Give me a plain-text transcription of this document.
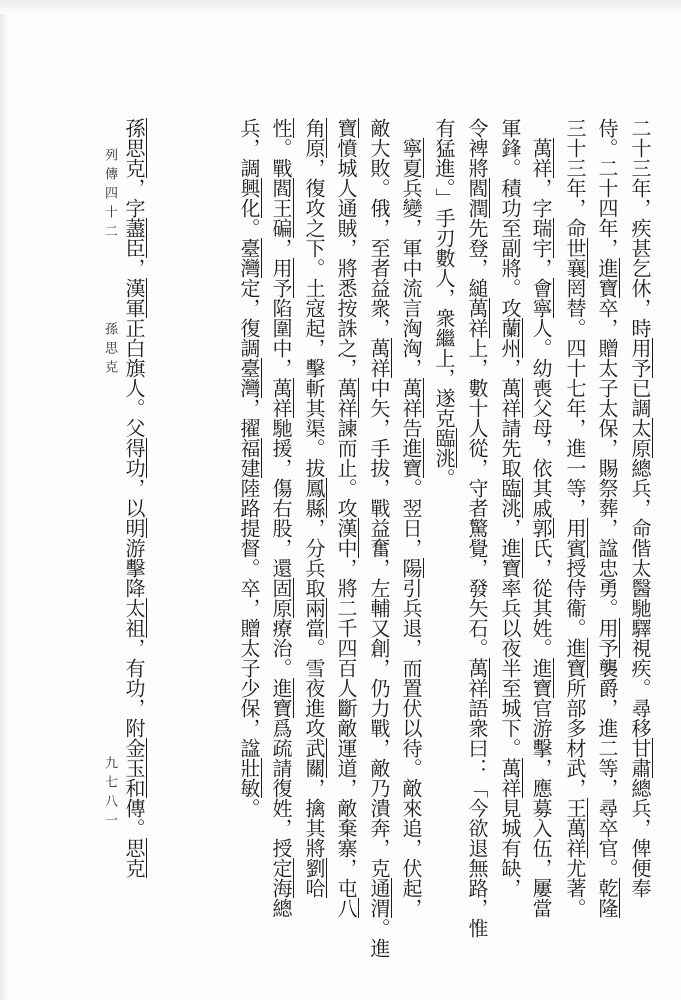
列傳四十二
孫思克
九七八一
二十三年，疾甚乞休，時用予已調太原總兵，命偕太醫馳驛視疾。尋移甘肅總兵，俾便奉
侍。二十四年，進寶卒，贈太子太保，賜祭葬，諡忠勇。用予襲爵，進二等，尋卒官。乾隆
三十三年，命世襄罔替。四十七年，進一等，用賓授侍衞。進寶所部多材武，王萬祥尤著。
　萬祥，字瑞宇，會寧人。幼喪父母，依其戚郭氏，從其姓。進寶官游擊，應募入伍，屢當
軍鋒。積功至副將。攻蘭州，萬祥請先取臨洮，進寶率兵以夜半至城下。萬祥見城有缺，
令裨將閻潤先登，縋萬祥上，數十人從，守者驚覺，發矢石。萬祥語衆曰：「今欲退無路，惟
有猛進。」手刃數人，衆繼上，遂克臨洮。
　寧夏兵變，軍中流言洶洶，萬祥告進寶。翌日，陽引兵退，而置伏以待。敵來追，伏起，
敵大敗。俄，至者益衆，萬祥中矢，手拔，戰益奮，左輔又創，仍力戰，敵乃潰奔，克通渭。進
寶憤城人通賊，將悉按誅之，萬祥諫而止。攻漢中，將二千四百人斷敵運道，敵棄寨，屯八
角原，復攻之下。土寇起，擊斬其渠。拔鳳縣，分兵取兩當。雪夜進攻武關，擒其將劉哈
性。戰閻王碥，用予陷圍中，萬祥馳援，傷右股，還固原療治。進寶爲疏請復姓，授定海總
兵，調興化。臺灣定，復調臺灣，擢福建陸路提督。卒，贈太子少保，諡壯敏。
孫思克，字藎臣，漢軍正白旗人。父得功，以明游擊降太祖，有功，附金玉和傳。思克
